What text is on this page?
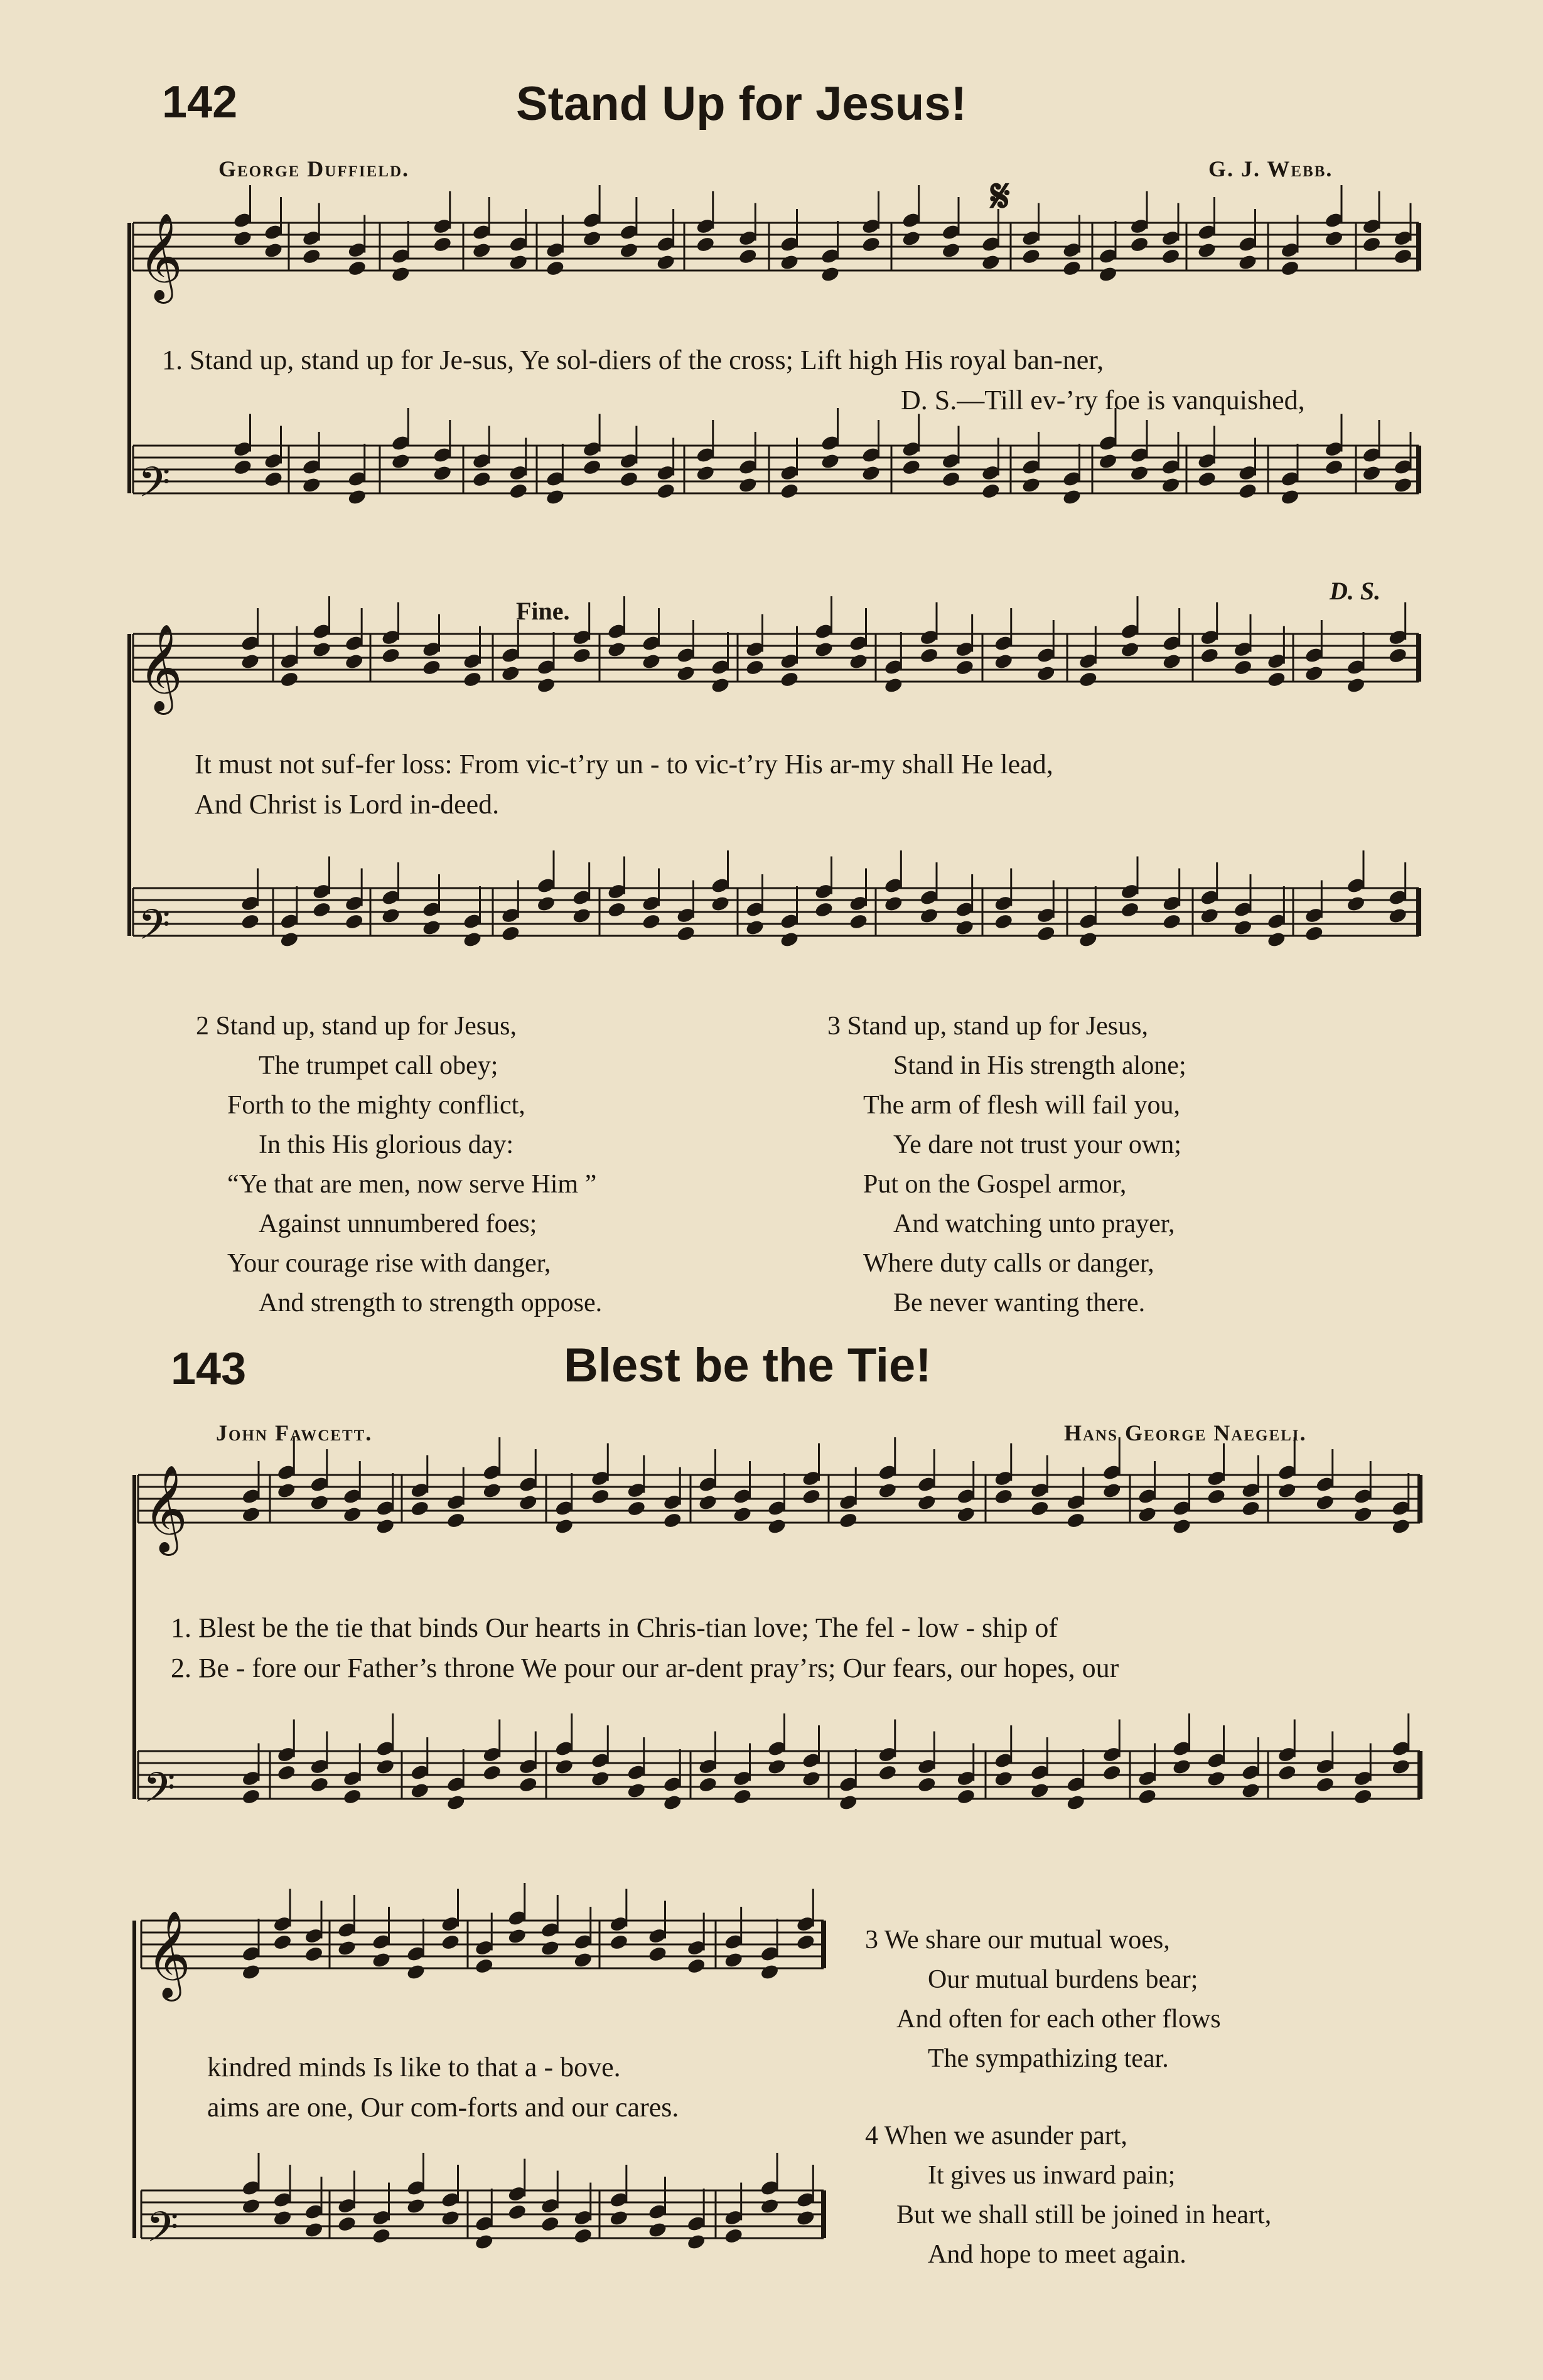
𝄞
𝄢
𝄞
𝄢
𝄞
𝄢
𝄞
𝄢
142	Stand Up for Jesus!
George Duffield.	G. J. Webb.
𝄋
Fine.
D. S.
1. Stand up, stand up for Je-sus, Ye sol-diers of the cross; Lift high His royal ban-ner,
D. S.—Till ev-’ry foe is vanquished,
It must not suf-fer loss: From vic-t’ry un - to vic-t’ry His ar-my shall He lead,
And Christ is Lord in-deed.
2 Stand up, stand up for Jesus,
The trumpet call obey;
Forth to the mighty conflict,
In this His glorious day:
“Ye that are men, now serve Him ”
Against unnumbered foes;
Your courage rise with danger,
And strength to strength oppose.
3 Stand up, stand up for Jesus,
Stand in His strength alone;
The arm of flesh will fail you,
Ye dare not trust your own;
Put on the Gospel armor,
And watching unto prayer,
Where duty calls or danger,
Be never wanting there.
143	Blest be the Tie!
John Fawcett.	Hans George Naegeli.
1. Blest be the tie that binds Our hearts in Chris-tian love; The fel - low - ship of
2. Be - fore our Father’s throne We pour our ar-dent pray’rs; Our fears, our hopes, our
kindred minds Is like to that a - bove.
aims are one, Our com-forts and our cares.
3 We share our mutual woes,
Our mutual burdens bear;
And often for each other flows
The sympathizing tear.
4 When we asunder part,
It gives us inward pain;
But we shall still be joined in heart,
And hope to meet again.
